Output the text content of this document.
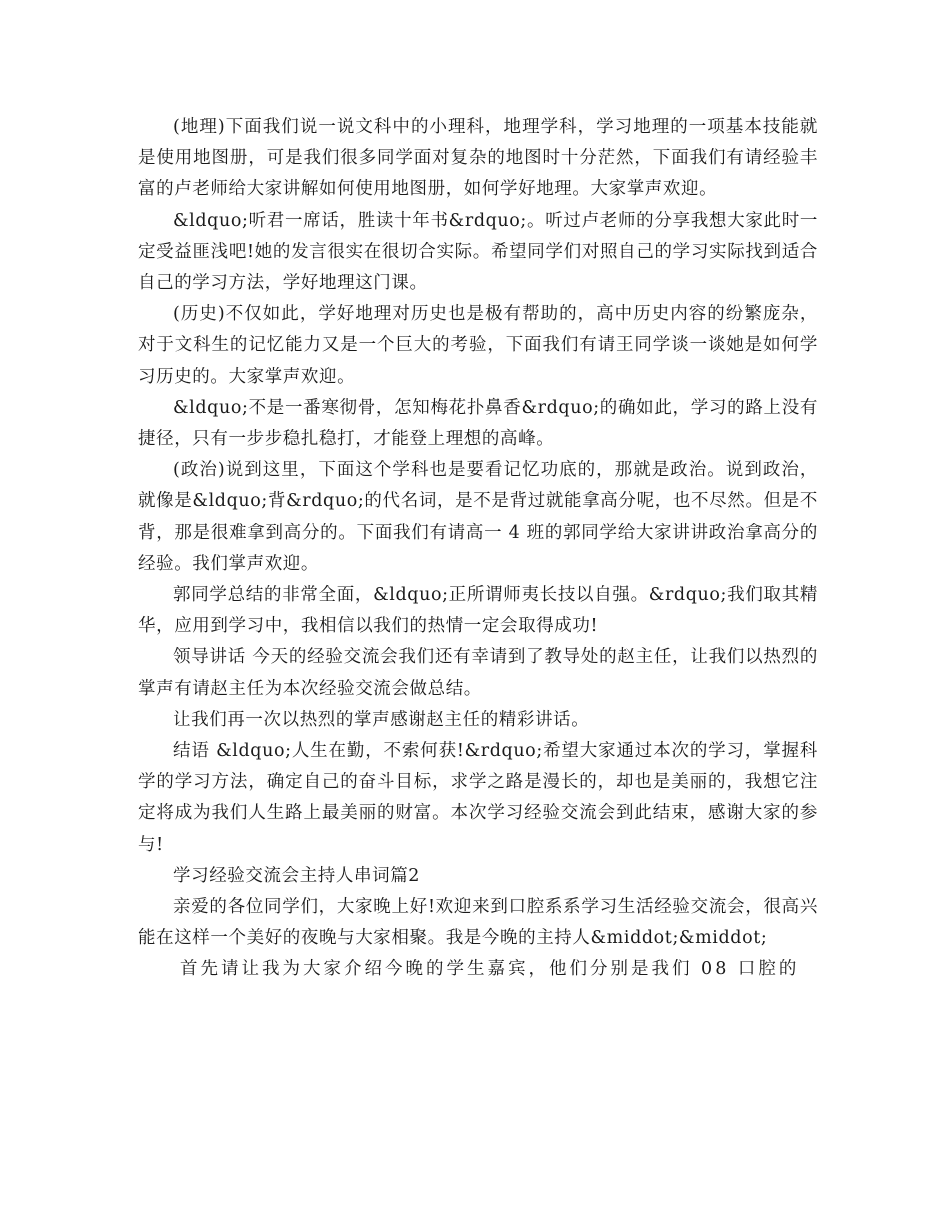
(地理)下面我们说一说文科中的小理科，地理学科，学习地理的一项基本技能就是使用地图册，可是我们很多同学面对复杂的地图时十分茫然，下面我们有请经验丰富的卢老师给大家讲解如何使用地图册，如何学好地理。大家掌声欢迎。

&ldquo;听君一席话，胜读十年书&rdquo;。听过卢老师的分享我想大家此时一定受益匪浅吧!她的发言很实在很切合实际。希望同学们对照自己的学习实际找到适合自己的学习方法，学好地理这门课。

(历史)不仅如此，学好地理对历史也是极有帮助的，高中历史内容的纷繁庞杂，对于文科生的记忆能力又是一个巨大的考验，下面我们有请王同学谈一谈她是如何学习历史的。大家掌声欢迎。

&ldquo;不是一番寒彻骨，怎知梅花扑鼻香&rdquo;的确如此，学习的路上没有捷径，只有一步步稳扎稳打，才能登上理想的高峰。

(政治)说到这里，下面这个学科也是要看记忆功底的，那就是政治。说到政治，就像是&ldquo;背&rdquo;的代名词，是不是背过就能拿高分呢，也不尽然。但是不背，那是很难拿到高分的。下面我们有请高一 4 班的郭同学给大家讲讲政治拿高分的经验。我们掌声欢迎。

郭同学总结的非常全面，&ldquo;正所谓师夷长技以自强。&rdquo;我们取其精华，应用到学习中，我相信以我们的热情一定会取得成功!

领导讲话 今天的经验交流会我们还有幸请到了教导处的赵主任，让我们以热烈的掌声有请赵主任为本次经验交流会做总结。

让我们再一次以热烈的掌声感谢赵主任的精彩讲话。

结语 &ldquo;人生在勤，不索何获!&rdquo;希望大家通过本次的学习，掌握科学的学习方法，确定自己的奋斗目标，求学之路是漫长的，却也是美丽的，我想它注定将成为我们人生路上最美丽的财富。本次学习经验交流会到此结束，感谢大家的参与!

学习经验交流会主持人串词篇2

亲爱的各位同学们，大家晚上好!欢迎来到口腔系系学习生活经验交流会，很高兴能在这样一个美好的夜晚与大家相聚。我是今晚的主持人&middot;&middot;

首先请让我为大家介绍今晚的学生嘉宾，他们分别是我们 08 口腔的
